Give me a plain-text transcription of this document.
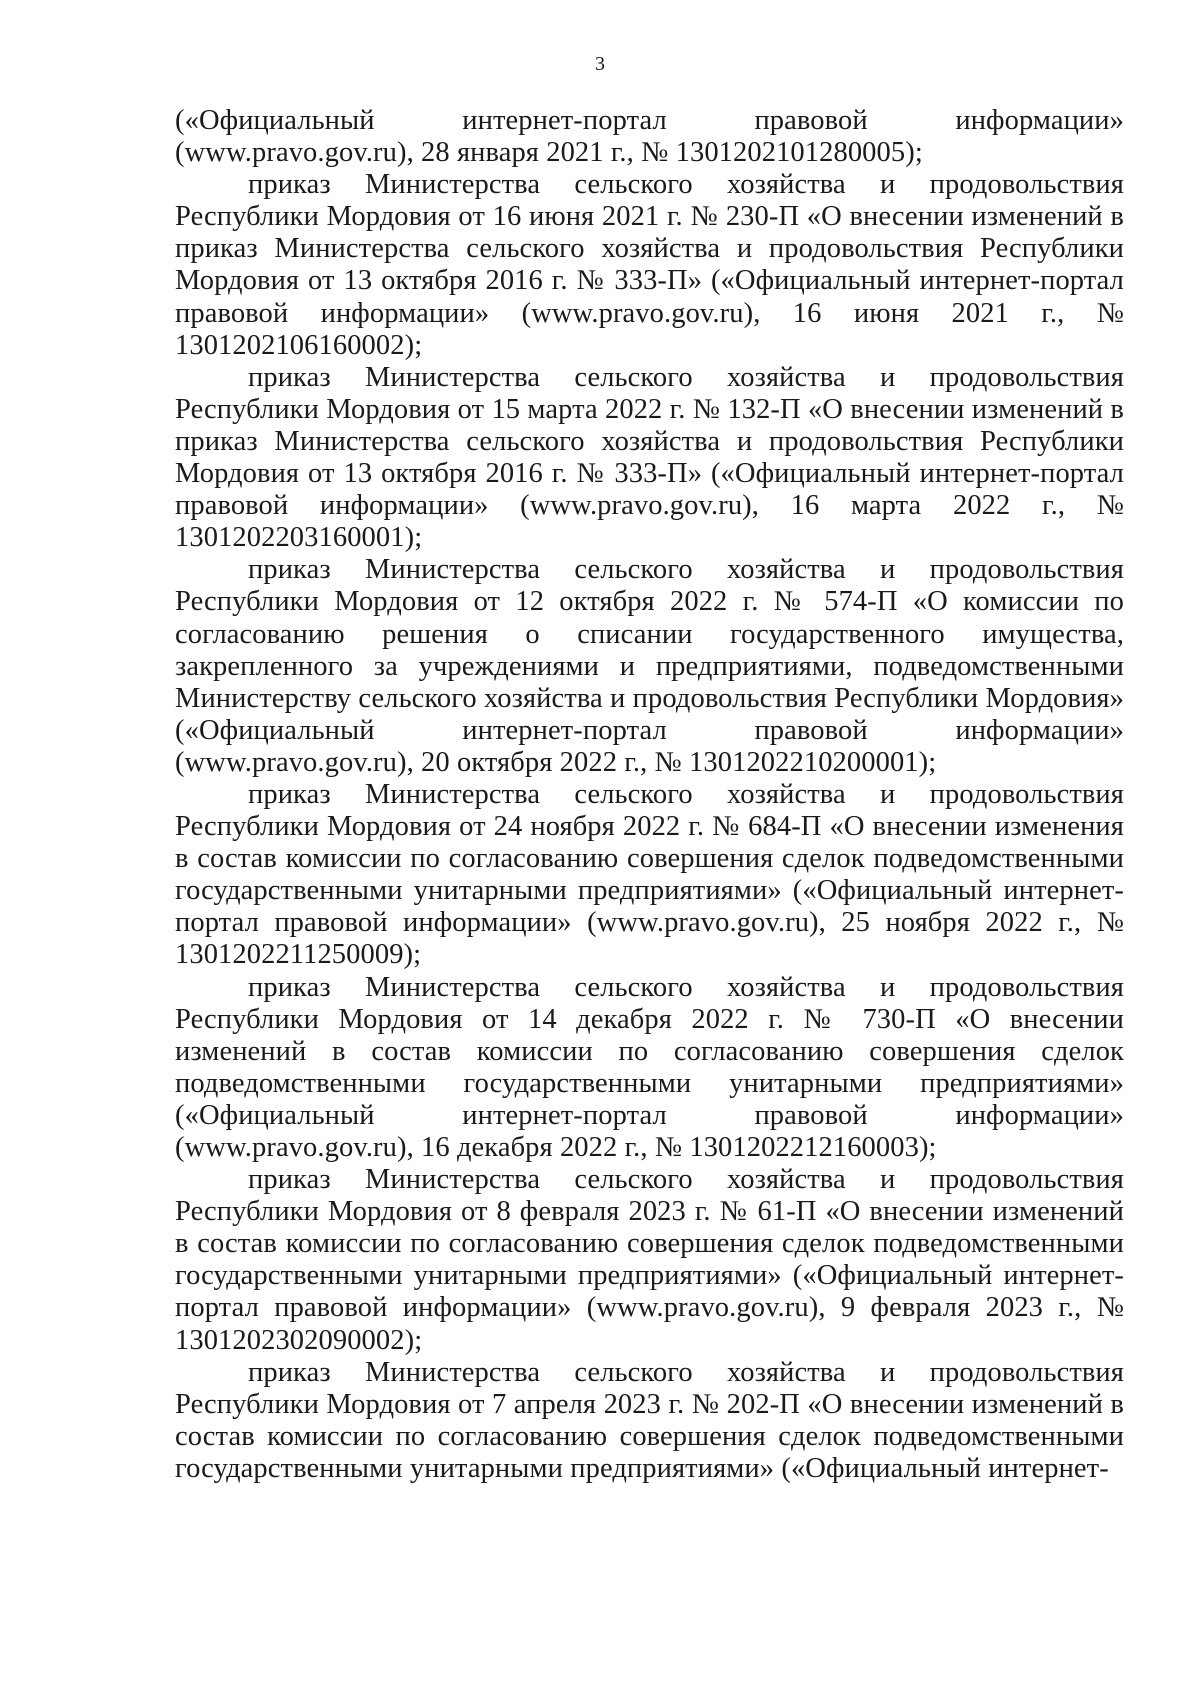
3

(«Официальный интернет-портал правовой информации» (www.pravo.gov.ru), 28 января 2021 г., № 1301202101280005);

приказ Министерства сельского хозяйства и продовольствия Республики Мордовия от 16 июня 2021 г. № 230-П «О внесении изменений в приказ Министерства сельского хозяйства и продовольствия Республики Мордовия от 13 октября 2016 г. № 333-П» («Официальный интернет-портал правовой информации» (www.pravo.gov.ru), 16 июня 2021 г., № 1301202106160002);

приказ Министерства сельского хозяйства и продовольствия Республики Мордовия от 15 марта 2022 г. № 132-П «О внесении изменений в приказ Министерства сельского хозяйства и продовольствия Республики Мордовия от 13 октября 2016 г. № 333-П» («Официальный интернет-портал правовой информации» (www.pravo.gov.ru), 16 марта 2022 г., № 1301202203160001);

приказ Министерства сельского хозяйства и продовольствия Республики Мордовия от 12 октября 2022 г. № 574-П «О комиссии по согласованию решения о списании государственного имущества, закрепленного за учреждениями и предприятиями, подведомственными Министерству сельского хозяйства и продовольствия Республики Мордовия» («Официальный интернет-портал правовой информации» (www.pravo.gov.ru), 20 октября 2022 г., № 1301202210200001);

приказ Министерства сельского хозяйства и продовольствия Республики Мордовия от 24 ноября 2022 г. № 684-П «О внесении изменения в состав комиссии по согласованию совершения сделок подведомственными государственными унитарными предприятиями» («Официальный интернет-портал правовой информации» (www.pravo.gov.ru), 25 ноября 2022 г., № 1301202211250009);

приказ Министерства сельского хозяйства и продовольствия Республики Мордовия от 14 декабря 2022 г. № 730-П «О внесении изменений в состав комиссии по согласованию совершения сделок подведомственными государственными унитарными предприятиями» («Официальный интернет-портал правовой информации» (www.pravo.gov.ru), 16 декабря 2022 г., № 1301202212160003);

приказ Министерства сельского хозяйства и продовольствия Республики Мордовия от 8 февраля 2023 г. № 61-П «О внесении изменений в состав комиссии по согласованию совершения сделок подведомственными государственными унитарными предприятиями» («Официальный интернет-портал правовой информации» (www.pravo.gov.ru), 9 февраля 2023 г., № 1301202302090002);

приказ Министерства сельского хозяйства и продовольствия Республики Мордовия от 7 апреля 2023 г. № 202-П «О внесении изменений в состав комиссии по согласованию совершения сделок подведомственными государственными унитарными предприятиями» («Официальный интернет-
